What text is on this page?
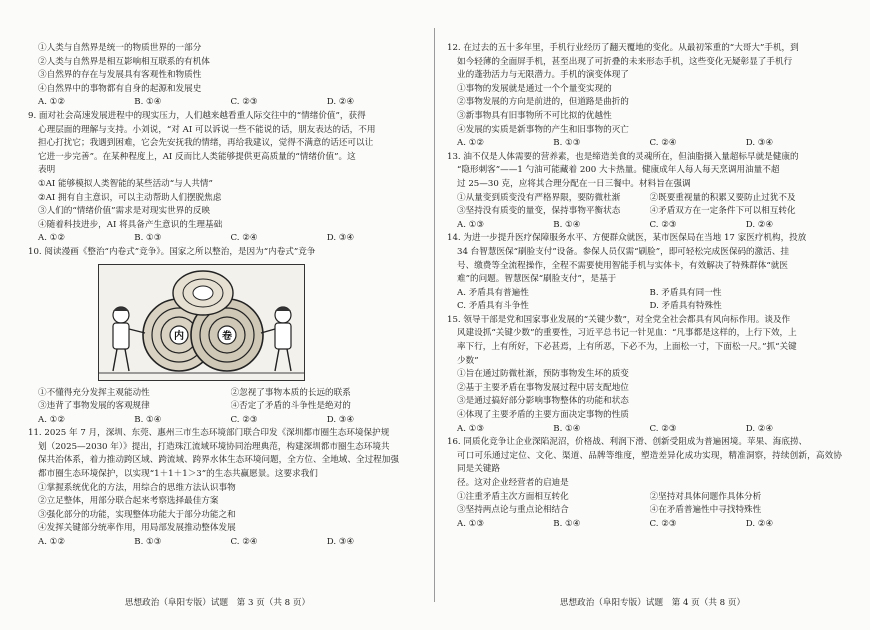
①人类与自然界是统一的物质世界的一部分
②人类与自然界是相互影响相互联系的有机体
③自然界的存在与发展具有客观性和物质性
④自然界中的事物都有自身的起源和发展史
A. ①②	B. ①④	C. ②③	D. ②④
9. 面对社会高速发展进程中的现实压力，人们越来越看重人际交往中的“情绪价值”，获得
心理层面的理解与支持。小刘说，“对 AI 可以诉说一些不能说的话，朋友表达的话，不用
担心打扰它；我遇到困难，它会先安抚我的情绪，再给我建议，觉得不满意的话还可以让
它进一步完善”。在某种程度上，AI 反而比人类能够提供更高质量的“情绪价值”。这
表明
①AI 能够模拟人类智能的某些活动“与人共情”
②AI 拥有自主意识，可以主动帮助人们摆脱焦虑
③人们的“情绪价值”需求是对现实世界的反映
④随着科技进步，AI 将具备产生意识的生理基础
A. ①②	B. ①③	C. ②④	D. ③④
10. 阅读漫画《整治“内卷式”竞争》。国家之所以整治，是因为“内卷式”竞争
内	卷
①不懂得充分发挥主观能动性	②忽视了事物本质的长远的联系
③违背了事物发展的客观规律	④否定了矛盾的斗争性是绝对的
A. ①②	B. ①④	C. ②③	D. ③④
11. 2025 年 7 月，深圳、东莞、惠州三市生态环境部门联合印发《深圳都市圈生态环境保护规
划（2025—2030 年）》提出，打造珠江流域环境协同治理典范，构建深圳都市圈生态环境共
保共治体系，着力推动跨区域、跨流域、跨界水体生态环境问题，全方位、全地域、全过程加强
都市圈生态环境保护，以实现“1＋1＋1＞3”的生态共赢愿景。这要求我们
①掌握系统优化的方法，用综合的思维方法认识事物
②立足整体，用部分联合起来考察选择最佳方案
③强化部分的功能，实现整体功能大于部分功能之和
④发挥关键部分统率作用，用局部发展推动整体发展
A. ①②	B. ①③	C. ②④	D. ③④
思想政治（阜阳专版）试题　第 3 页（共 8 页）
12. 在过去的五十多年里，手机行业经历了翻天覆地的变化。从最初笨重的“大哥大”手机，到
如今轻薄的全面屏手机，甚至出现了可折叠的未来形态手机，这些变化无疑彰显了手机行
业的蓬勃活力与无限潜力。手机的演变体现了
①事物的发展就是通过一个个量变实现的
②事物发展的方向是前进的，但道路是曲折的
③新事物具有旧事物所不可比拟的优越性
④发展的实质是新事物的产生和旧事物的灭亡
A. ①②	B. ①③	C. ②④	D. ③④
13. 油不仅是人体需要的营养素，也是缔造美食的灵魂所在，但油脂摄入量超标早就是健康的
“隐形刺客”——1 勺油可能藏着 200 大卡热量。健康成年人每人每天烹调用油量不超
过 25—30 克，应将其合理分配在一日三餐中。材料旨在强调
①从量变到质变没有严格界限，要防微杜渐	②既要重视量的积累又要防止过犹不及
③坚持没有质变的量变，保持事物平衡状态	④矛盾双方在一定条件下可以相互转化
A. ①③	B. ①④	C. ②③	D. ②④
14. 为进一步提升医疗保障服务水平、方便群众就医，某市医保局在当地 17 家医疗机构，投放
34 台智慧医保“刷脸支付”设备。参保人员仅需“刷脸”，即可轻松完成医保码的激活、挂
号、缴费等全流程操作，全程不需要使用智能手机与实体卡，有效解决了特殊群体“就医
难”的问题。智慧医保“刷脸支付”，是基于
A. 矛盾具有普遍性	B. 矛盾具有同一性
C. 矛盾具有斗争性	D. 矛盾具有特殊性
15. 领导干部是党和国家事业发展的“关键少数”，对全党全社会都具有风向标作用。谈及作
风建设抓“关键少数”的重要性，习近平总书记一针见血：“凡事都是这样的，上行下效，上
率下行，上有所好，下必甚焉，上有所恶，下必不为，上面松一寸，下面松一尺。”抓“关键
少数”
①旨在通过防微杜渐，预防事物发生坏的质变
②基于主要矛盾在事物发展过程中居支配地位
③是通过搞好部分影响事物整体的功能和状态
④体现了主要矛盾的主要方面决定事物的性质
A. ①③	B. ①④	C. ②③	D. ②④
16. 同质化竞争让企业深陷泥沼，价格战、利润下滑、创新受阻成为普遍困境。苹果、海底捞、
可口可乐通过定位、文化、渠道、品牌等维度，塑造差异化成功实现，精准洞察，持续创新，高效协同是关键路
径。这对企业经营者的启迪是
①注重矛盾主次方面相互转化	②坚持对具体问题作具体分析
③坚持两点论与重点论相结合	④在矛盾普遍性中寻找特殊性
A. ①③	B. ①④	C. ②③	D. ②④
思想政治（阜阳专版）试题　第 4 页（共 8 页）
